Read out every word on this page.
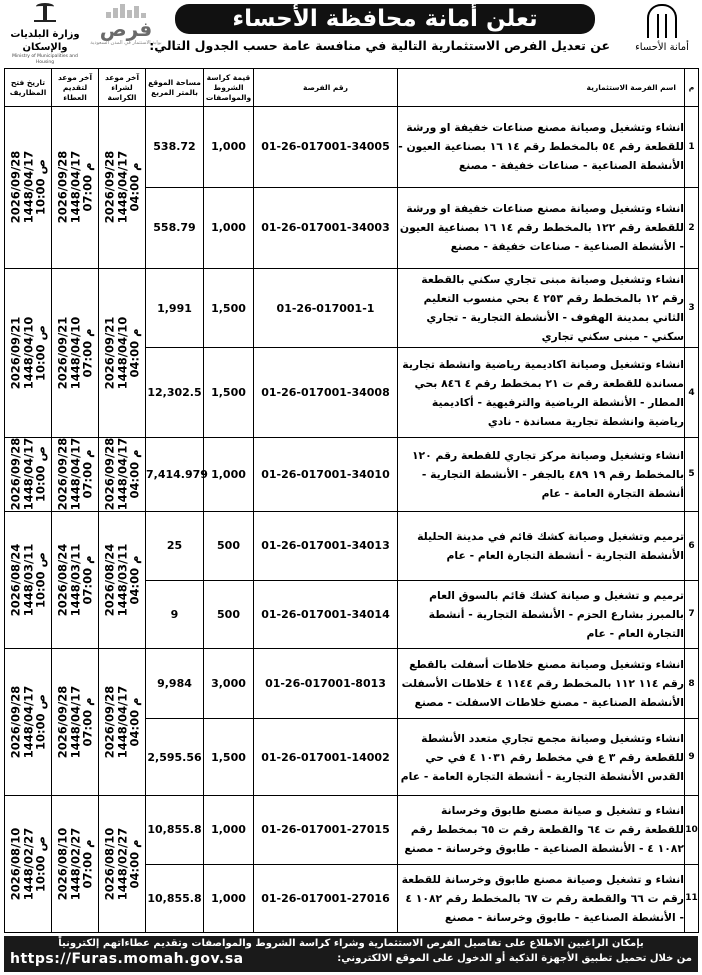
أمانة الأحساء
تعلن أمانة محافظة الأحساء
عن تعديل الفرص الاستثمارية التالية في منافسة عامة حسب الجدول التالي:
فرص
بوابة الاستثمار في المدن السعودية
وزارة البلديات والإسكان
Ministry of Municipalities and Housing
تاريخ فتح المظاريف	آخر موعد لتقديم العطاء	آخر موعد لشراء الكراسة	مساحة الموقع بالمتر المربع	قيمة كراسة الشروط والمواصفات	رقم الفرصة	اسم الفرصة الاستثمارية	م

2026/09/28
1448/04/17
10:00 ص	2026/09/28
1448/04/17
07:00 م	2026/09/28
1448/04/17
04:00 م	538.72	1,000	01-26-017001-34005	انشاء وتشغيل وصيانة مصنع صناعات خفيفة او ورشة للقطعة رقم ٥٤ بالمخطط رقم ١٤ ١٦ بصناعية العيون - الأنشطة الصناعية - صناعات خفيفة - مصنع	1
			558.79	1,000	01-26-017001-34003	انشاء وتشغيل وصيانة مصنع صناعات خفيفة او ورشة للقطعة رقم ١٢٢ بالمخطط رقم ١٤ ١٦ بصناعية العيون - الأنشطة الصناعية - صناعات خفيفة - مصنع	2

2026/09/21
1448/04/10
10:00 ص	2026/09/21
1448/04/10
07:00 م	2026/09/21
1448/04/10
04:00 م	1,991	1,500	01-26-017001-1	انشاء وتشغيل وصيانة مبنى تجاري سكني بالقطعة رقم ١٢ بالمخطط رقم ٢٥٣ ٤ بحي منسوب التعليم الثاني بمدينة الهفوف - الأنشطة التجارية - تجاري سكني - مبنى سكني تجاري	3
			12,302.5	1,500	01-26-017001-34008	انشاء وتشغيل وصيانة اكاديمية رياضية وانشطة تجارية مساندة للقطعة رقم ت ٢١ بمخطط رقم ٤ ٨٤٦ بحي المطار - الأنشطة الرياضية والترفيهية - أكاديمية رياضية وانشطة تجارية مساندة - نادي	4

2026/09/28
1448/04/17
10:00 ص	2026/09/28
1448/04/17
07:00 م	2026/09/28
1448/04/17
04:00 م	7,414.979	1,000	01-26-017001-34010	انشاء وتشغيل وصيانة مركز تجاري للقطعة رقم ١٢٠ بالمخطط رقم ١٩ ٤٨٩ بالجفر - الأنشطة التجارية - أنشطة التجارة العامة - عام	5

2026/08/24
1448/03/11
10:00 ص	2026/08/24
1448/03/11
07:00 م	2026/08/24
1448/03/11
04:00 م	25	500	01-26-017001-34013	ترميم وتشغيل وصيانة كشك قائم في مدينة الحليلة الأنشطة التجارية - أنشطة التجارة العام - عام	6
			9	500	01-26-017001-34014	ترميم و تشغيل و صيانة كشك قائم بالسوق العام بالمبرز بشارع الحزم - الأنشطة التجارية - أنشطة التجارة العام - عام	7

2026/09/28
1448/04/17
10:00 ص	2026/09/28
1448/04/17
07:00 م	2026/09/28
1448/04/17
04:00 م	9,984	3,000	01-26-017001-8013	انشاء وتشغيل وصيانة مصنع خلاطات أسفلت بالقطع رقم ١١٤ ١١٢ بالمخطط رقم ١١٤٤ ٤ خلاطات الأسفلت الأنشطة الصناعية - مصنع خلاطات الاسفلت - مصنع	8
			2,595.56	1,500	01-26-017001-14002	انشاء وتشغيل وصيانة مجمع تجاري متعدد الأنشطة للقطعة رقم ٣ ع في مخطط رقم ١٠٣١ ٤ في حي القدس الأنشطة التجارية - أنشطة التجارة العامة - عام	9

2026/08/10
1448/02/27
10:00 ص	2026/08/10
1448/02/27
07:00 م	2026/08/10
1448/02/27
04:00 م	10,855.8	1,000	01-26-017001-27015	انشاء و تشغيل و صيانة مصنع طابوق وخرسانة للقطعة رقم ت ٦٤ والقطعة رقم ت ٦٥ بمخطط رقم ١٠٨٢ ٤ - الأنشطة الصناعية - طابوق وخرسانة - مصنع	10
			10,855.8	1,000	01-26-017001-27016	انشاء و تشغيل وصيانة مصنع طابوق وخرسانة للقطعة رقم ت ٦٦ والقطعة رقم ت ٦٧ بالمخطط رقم ١٠٨٢ ٤ - الأنشطة الصناعية - طابوق وخرسانة - مصنع	11
بإمكان الراغبين الاطلاع على تفاصيل الفرص الاستثمارية وشراء كراسة الشروط والمواصفات وتقديم عطاءاتهم إلكترونياً
من خلال تحميل تطبيق الأجهزة الذكية أو الدخول على الموقع الالكتروني:
https://Furas.momah.gov.sa
